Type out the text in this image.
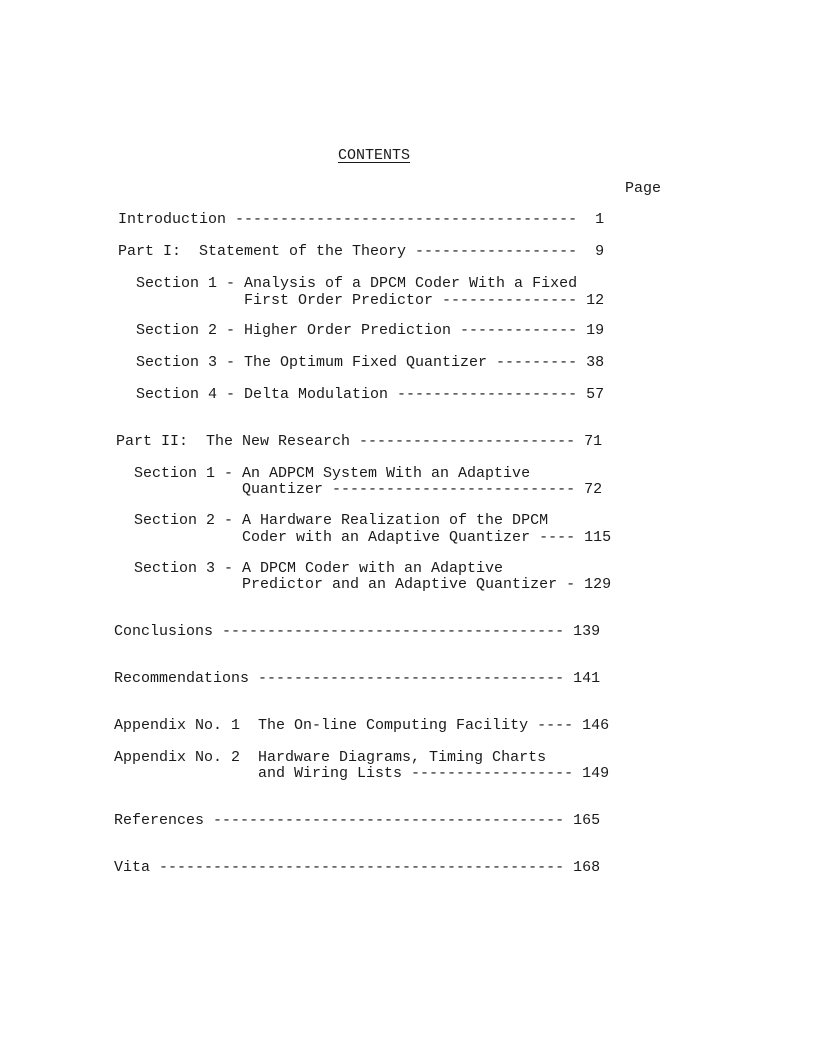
CONTENTS
Page
Introduction --------------------------------------  1
Part I:  Statement of the Theory ------------------  9
Section 1 - Analysis of a DPCM Coder With a Fixed
First Order Predictor --------------- 12
Section 2 - Higher Order Prediction ------------- 19
Section 3 - The Optimum Fixed Quantizer --------- 38
Section 4 - Delta Modulation -------------------- 57
Part II:  The New Research ------------------------ 71
Section 1 - An ADPCM System With an Adaptive
Quantizer --------------------------- 72
Section 2 - A Hardware Realization of the DPCM
Coder with an Adaptive Quantizer ---- 115
Section 3 - A DPCM Coder with an Adaptive
Predictor and an Adaptive Quantizer - 129
Conclusions -------------------------------------- 139
Recommendations ---------------------------------- 141
Appendix No. 1  The On-line Computing Facility ---- 146
Appendix No. 2  Hardware Diagrams, Timing Charts
and Wiring Lists ------------------ 149
References --------------------------------------- 165
Vita --------------------------------------------- 168
